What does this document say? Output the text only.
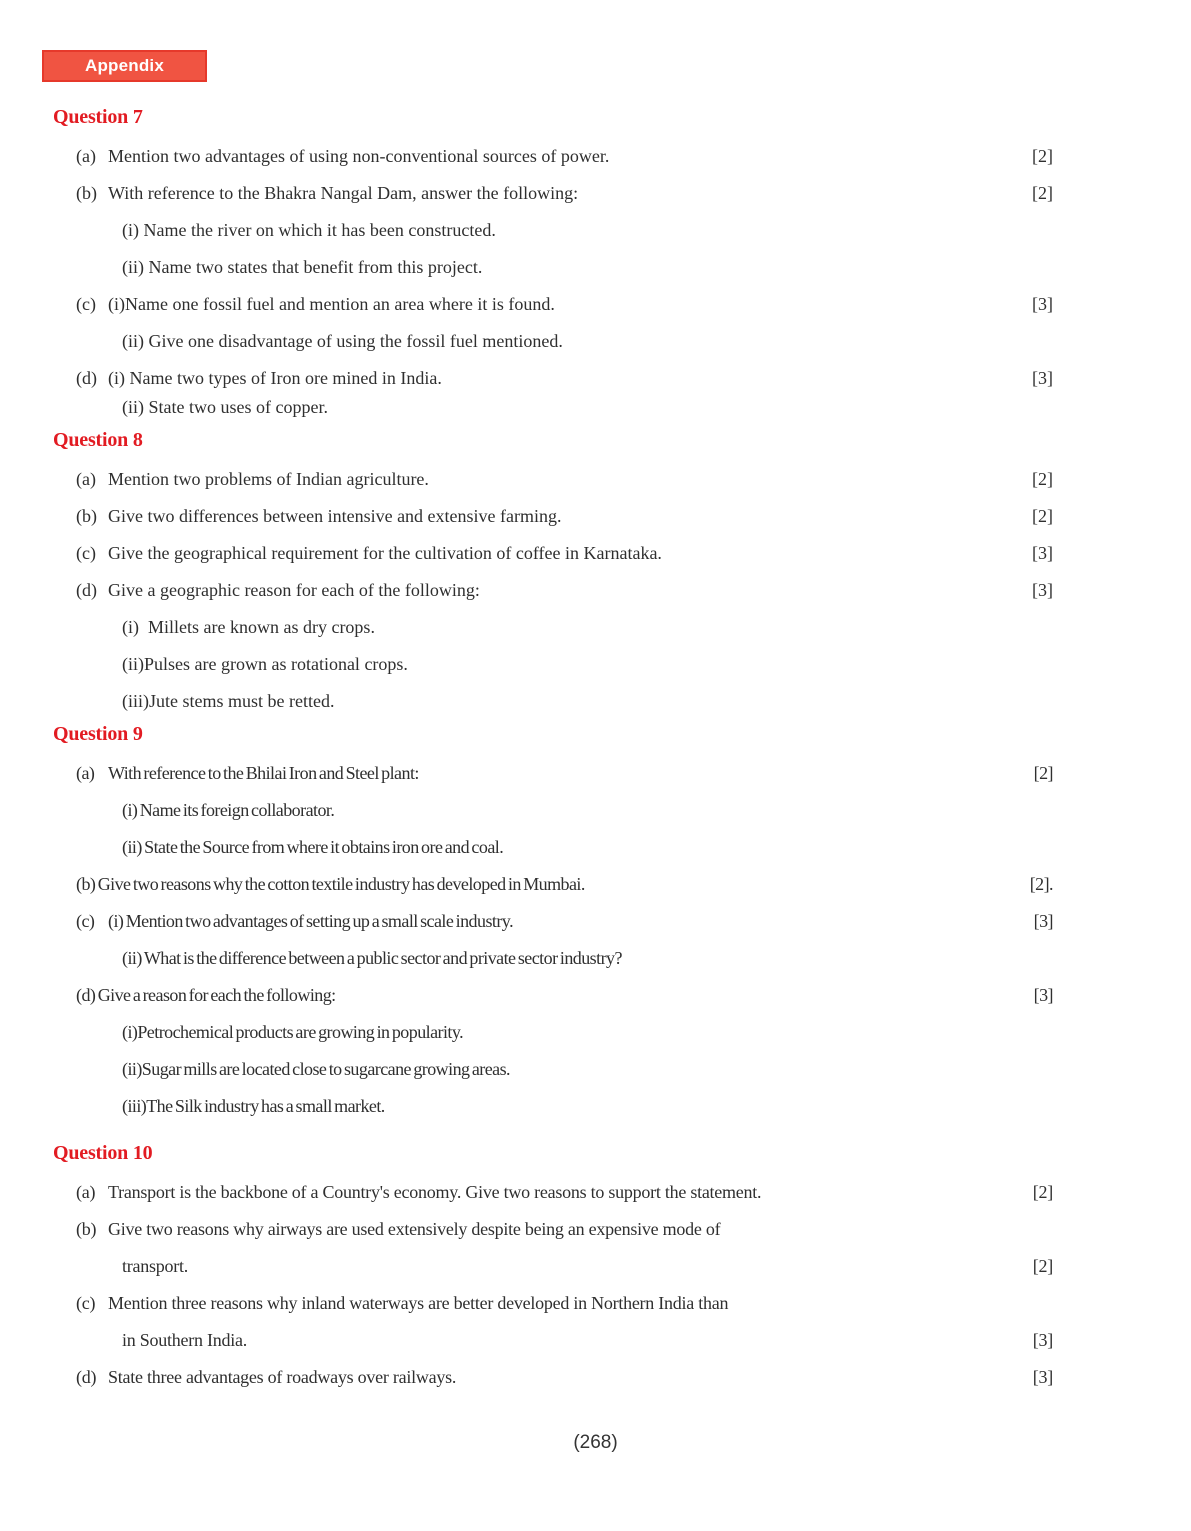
Appendix
Question 7
(a) Mention two advantages of using non-conventional sources of power.	[2]
(b) With reference to the Bhakra Nangal Dam, answer the following:	[2]
(i) Name the river on which it has been constructed.
(ii) Name two states that benefit from this project.
(c) (i)Name one fossil fuel and mention an area where it is found.	[3]
(ii) Give one disadvantage of using the fossil fuel mentioned.
(d) (i) Name two types of Iron ore mined in India.	[3]
(ii) State two uses of copper.
Question 8
(a) Mention two problems of Indian agriculture.	[2]
(b) Give two differences between intensive and extensive farming.	[2]
(c) Give the geographical requirement for the cultivation of coffee in Karnataka.	[3]
(d) Give a geographic reason for each of the following:	[3]
(i)  Millets are known as dry crops.
(ii)Pulses are grown as rotational crops.
(iii)Jute stems must be retted.
Question 9
(a) With reference to the Bhilai Iron and Steel plant:	[2]
(i) Name its foreign collaborator.
(ii) State the Source from where it obtains iron ore and coal.
(b) Give two reasons why the cotton textile industry has developed in Mumbai.	[2].
(c) (i) Mention two advantages of setting up a small scale industry.	[3]
(ii) What is the difference between a public sector and private sector industry?
(d) Give a reason for each the following:	[3]
(i)Petrochemical products are growing in popularity.
(ii)Sugar mills are located close to sugarcane growing areas.
(iii)The Silk industry has a small market.
Question 10
(a) Transport is the backbone of a Country's economy. Give two reasons to support the statement.	[2]
(b) Give two reasons why airways are used extensively despite being an expensive mode of
transport.	[2]
(c) Mention three reasons why inland waterways are better developed in Northern India than
in Southern India.	[3]
(d) State three advantages of roadways over railways.	[3]
(268)
